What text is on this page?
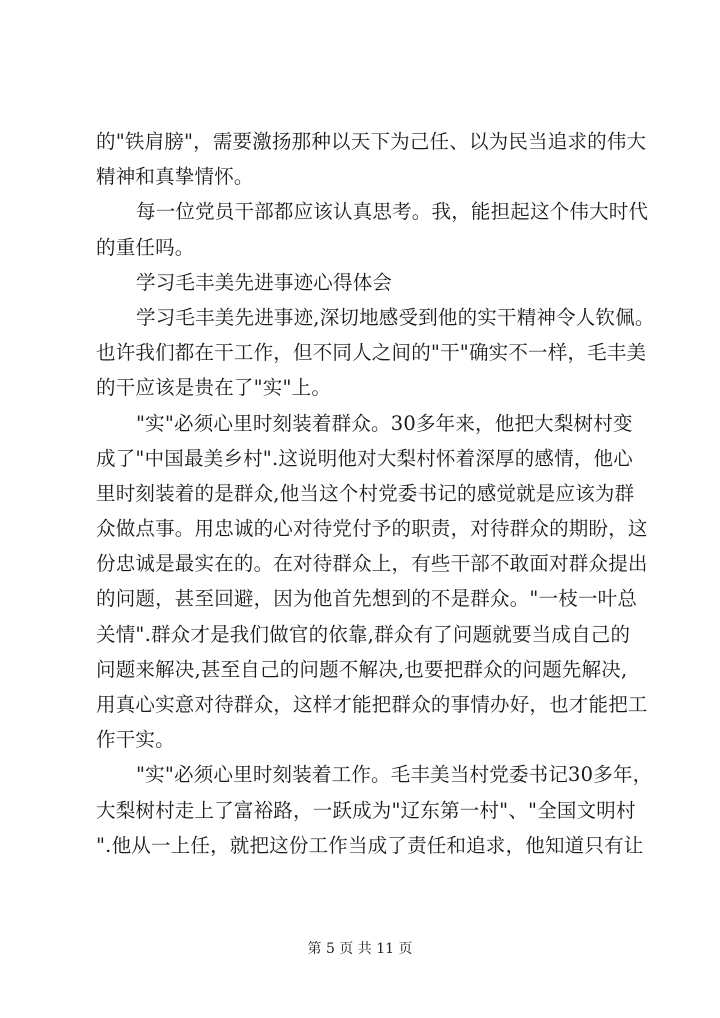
的"铁肩膀"，需要激扬那种以天下为己任、以为民当追求的伟大
精神和真挚情怀。
每一位党员干部都应该认真思考。我，能担起这个伟大时代
的重任吗。
学习毛丰美先进事迹心得体会
学习毛丰美先进事迹,深切地感受到他的实干精神令人钦佩。
也许我们都在干工作，但不同人之间的"干"确实不一样，毛丰美
的干应该是贵在了"实"上。
"实"必须心里时刻装着群众。30多年来，他把大梨树村变
成了"中国最美乡村".这说明他对大梨村怀着深厚的感情，他心
里时刻装着的是群众,他当这个村党委书记的感觉就是应该为群
众做点事。用忠诚的心对待党付予的职责，对待群众的期盼，这
份忠诚是最实在的。在对待群众上，有些干部不敢面对群众提出
的问题，甚至回避，因为他首先想到的不是群众。"一枝一叶总
关情".群众才是我们做官的依靠,群众有了问题就要当成自己的
问题来解决,甚至自己的问题不解决,也要把群众的问题先解决,
用真心实意对待群众，这样才能把群众的事情办好，也才能把工
作干实。
"实"必须心里时刻装着工作。毛丰美当村党委书记30多年，
大梨树村走上了富裕路，一跃成为"辽东第一村"、"全国文明村
".他从一上任，就把这份工作当成了责任和追求，他知道只有让
第 5 页 共 11 页
